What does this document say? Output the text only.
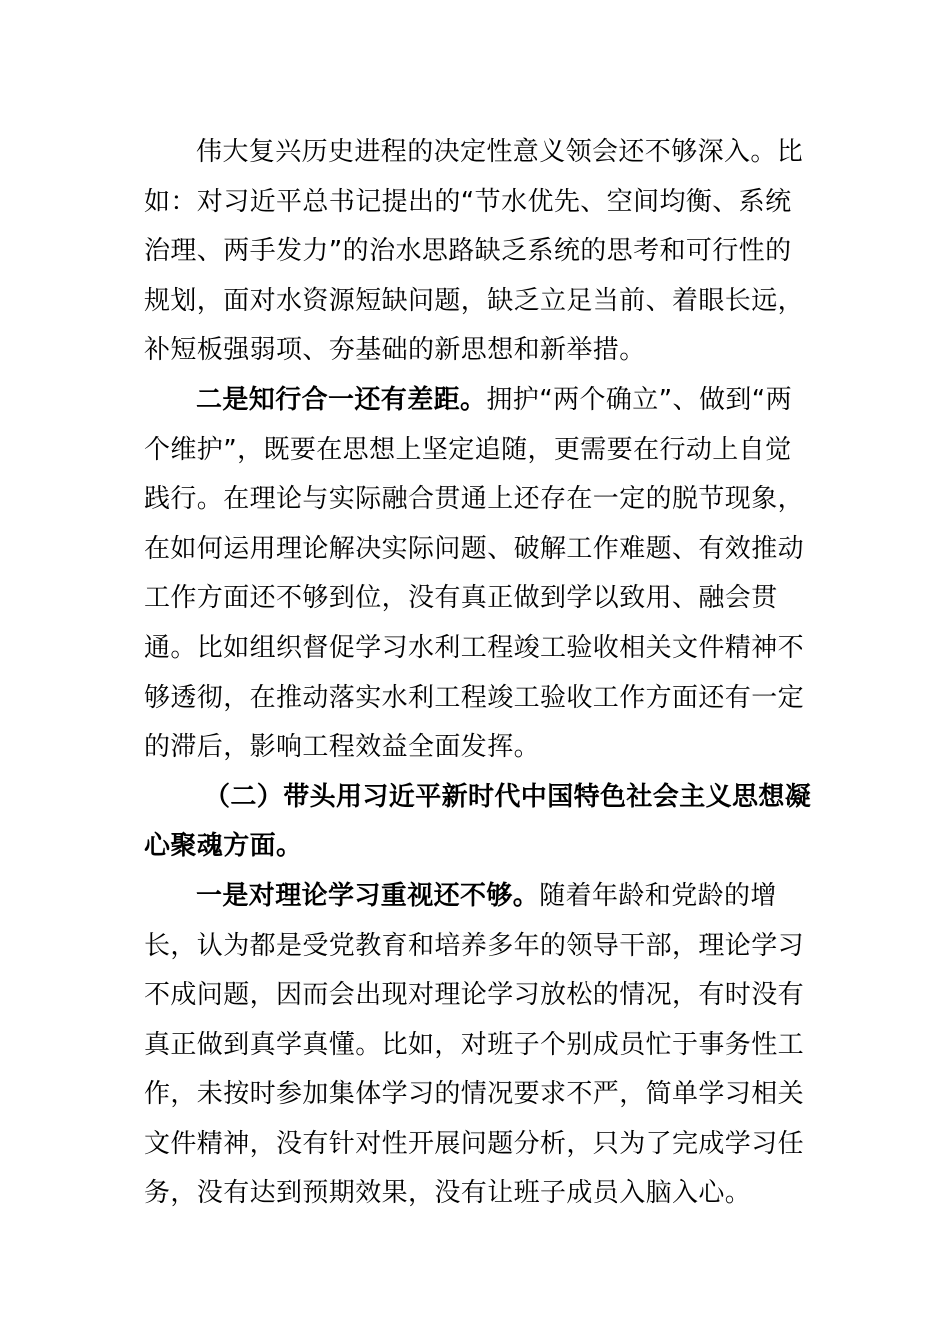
伟大复兴历史进程的决定性意义领会还不够深入。比如：对习近平总书记提出的“节水优先、空间均衡、系统治理、两手发力”的治水思路缺乏系统的思考和可行性的规划，面对水资源短缺问题，缺乏立足当前、着眼长远，补短板强弱项、夯基础的新思想和新举措。

二是知行合一还有差距。拥护“两个确立”、做到“两个维护”，既要在思想上坚定追随，更需要在行动上自觉践行。在理论与实际融合贯通上还存在一定的脱节现象，在如何运用理论解决实际问题、破解工作难题、有效推动工作方面还不够到位，没有真正做到学以致用、融会贯通。比如组织督促学习水利工程竣工验收相关文件精神不够透彻，在推动落实水利工程竣工验收工作方面还有一定的滞后，影响工程效益全面发挥。

（二）带头用习近平新时代中国特色社会主义思想凝心聚魂方面。

一是对理论学习重视还不够。随着年龄和党龄的增长，认为都是受党教育和培养多年的领导干部，理论学习不成问题，因而会出现对理论学习放松的情况，有时没有真正做到真学真懂。比如，对班子个别成员忙于事务性工作，未按时参加集体学习的情况要求不严，简单学习相关文件精神，没有针对性开展问题分析，只为了完成学习任务，没有达到预期效果，没有让班子成员入脑入心。
